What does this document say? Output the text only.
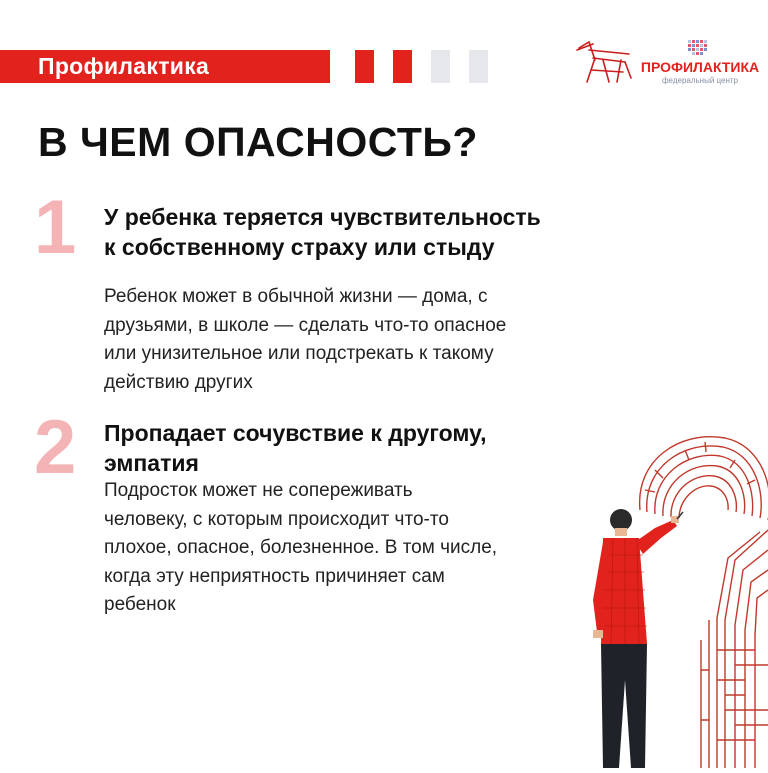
Профилактика	ПРОФИЛАКТИКА
федеральный центр
В ЧЕМ ОПАСНОСТЬ?
1 У ребенка теряется чувствительность
к собственному страху или стыду
Ребенок может в обычной жизни — дома, с
друзьями, в школе — сделать что-то опасное
или унизительное или подстрекать к такому
действию других
2 Пропадает сочувствие к другому,
эмпатия
Подросток может не сопереживать
человеку, с которым происходит что-то
плохое, опасное, болезненное. В том числе,
когда эту неприятность причиняет сам
ребенок
